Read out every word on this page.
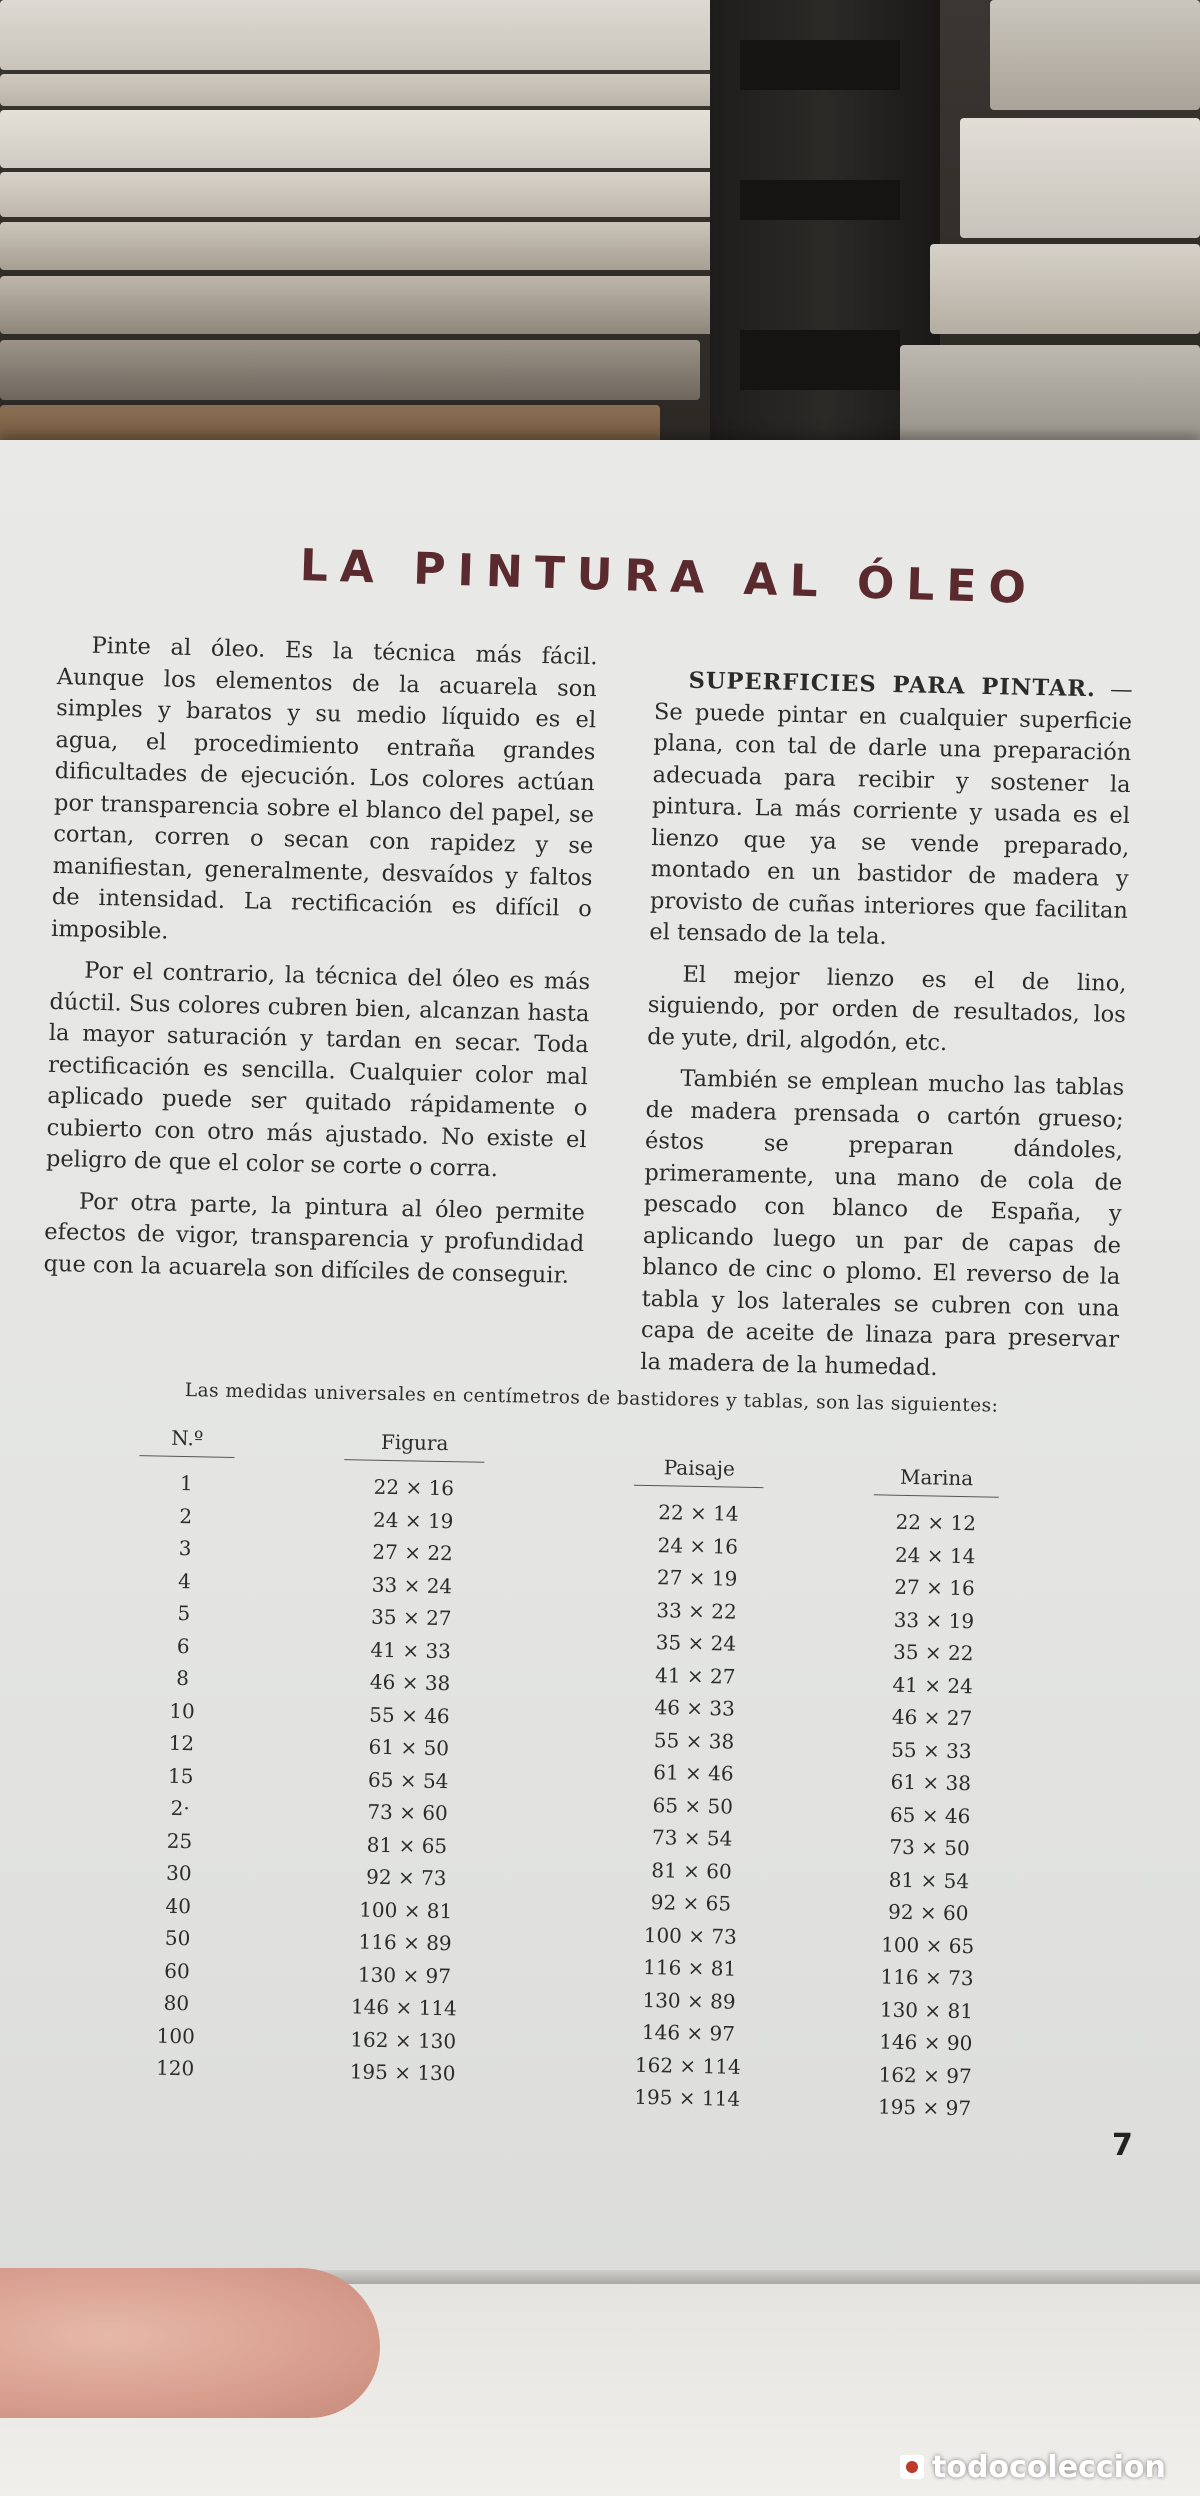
LA PINTURA AL ÓLEO

Pinte al óleo. Es la técnica más fácil. Aunque los elementos de la acuarela son simples y baratos y su medio líquido es el agua, el procedimiento entraña grandes dificultades de ejecución. Los colores actúan por transparencia sobre el blanco del papel, se cortan, corren o secan con rapidez y se manifiestan, generalmente, desvaídos y faltos de intensidad. La rectificación es difícil o imposible.

Por el contrario, la técnica del óleo es más dúctil. Sus colores cubren bien, alcanzan hasta la mayor saturación y tardan en secar. Toda rectificación es sencilla. Cualquier color mal aplicado puede ser quitado rápidamente o cubierto con otro más ajustado. No existe el peligro de que el color se corte o corra.

Por otra parte, la pintura al óleo permite efectos de vigor, transparencia y profundidad que con la acuarela son difíciles de conseguir.

SUPERFICIES PARA PINTAR. — Se puede pintar en cualquier superficie plana, con tal de darle una preparación adecuada para recibir y sostener la pintura. La más corriente y usada es el lienzo que ya se vende preparado, montado en un bastidor de madera y provisto de cuñas interiores que facilitan el tensado de la tela.

El mejor lienzo es el de lino, siguiendo, por orden de resultados, los de yute, dril, algodón, etc.

También se emplean mucho las tablas de madera prensada o cartón grueso; éstos se preparan dándoles, primeramente, una mano de cola de pescado con blanco de España, y aplicando luego un par de capas de blanco de cinc o plomo. El reverso de la tabla y los laterales se cubren con una capa de aceite de linaza para preservar la madera de la humedad.

Las medidas universales en centímetros de bastidores y tablas, son las siguientes:
N.º
1
2
3
4
5
6
8
10
12
15
2·
25
30
40
50
60
80
100
120
Figura
22 × 16
24 × 19
27 × 22
33 × 24
35 × 27
41 × 33
46 × 38
55 × 46
61 × 50
65 × 54
73 × 60
81 × 65
92 × 73
100 × 81
116 × 89
130 × 97
146 × 114
162 × 130
195 × 130
Paisaje
22 × 14
24 × 16
27 × 19
33 × 22
35 × 24
41 × 27
46 × 33
55 × 38
61 × 46
65 × 50
73 × 54
81 × 60
92 × 65
100 × 73
116 × 81
130 × 89
146 × 97
162 × 114
195 × 114
Marina
22 × 12
24 × 14
27 × 16
33 × 19
35 × 22
41 × 24
46 × 27
55 × 33
61 × 38
65 × 46
73 × 50
81 × 54
92 × 60
100 × 65
116 × 73
130 × 81
146 × 90
162 × 97
195 × 97
7
todocoleccion
